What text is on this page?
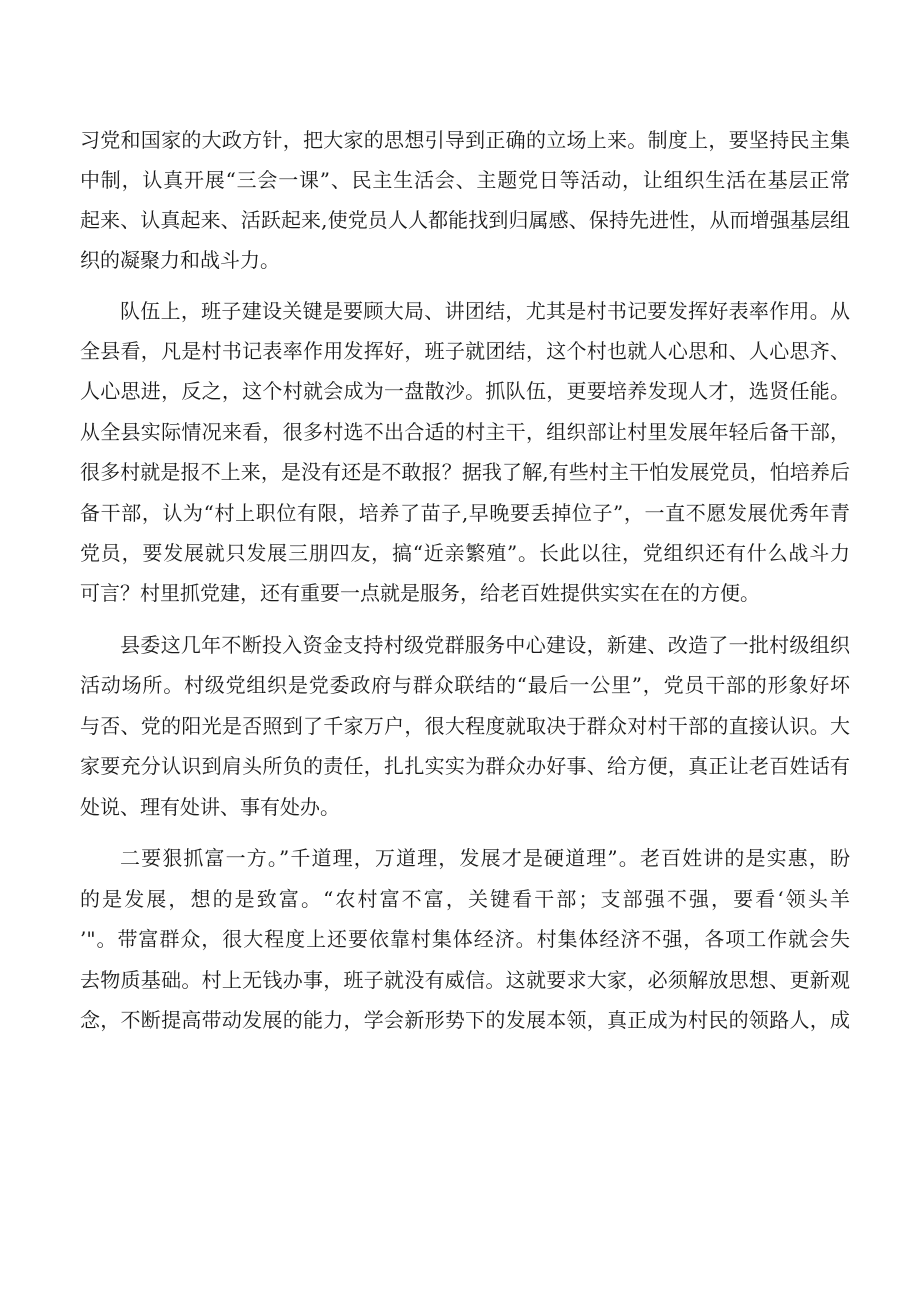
习党和国家的大政方针，把大家的思想引导到正确的立场上来。制度上，要坚持民主集
中制，认真开展“三会一课”、民主生活会、主题党日等活动，让组织生活在基层正常
起来、认真起来、活跃起来,使党员人人都能找到归属感、保持先进性，从而增强基层组
织的凝聚力和战斗力。
队伍上，班子建设关键是要顾大局、讲团结，尤其是村书记要发挥好表率作用。从
全县看，凡是村书记表率作用发挥好，班子就团结，这个村也就人心思和、人心思齐、
人心思进，反之，这个村就会成为一盘散沙。抓队伍，更要培养发现人才，选贤任能。
从全县实际情况来看，很多村选不出合适的村主干，组织部让村里发展年轻后备干部，
很多村就是报不上来，是没有还是不敢报？据我了解,有些村主干怕发展党员，怕培养后
备干部，认为“村上职位有限，培养了苗子,早晚要丢掉位子”，一直不愿发展优秀年青
党员，要发展就只发展三朋四友，搞“近亲繁殖”。长此以往，党组织还有什么战斗力
可言？村里抓党建，还有重要一点就是服务，给老百姓提供实实在在的方便。
县委这几年不断投入资金支持村级党群服务中心建设，新建、改造了一批村级组织
活动场所。村级党组织是党委政府与群众联结的“最后一公里”，党员干部的形象好坏
与否、党的阳光是否照到了千家万户，很大程度就取决于群众对村干部的直接认识。大
家要充分认识到肩头所负的责任，扎扎实实为群众办好事、给方便，真正让老百姓话有
处说、理有处讲、事有处办。
二要狠抓富一方。”千道理，万道理，发展才是硬道理”。老百姓讲的是实惠，盼
的是发展，想的是致富。“农村富不富，关键看干部；支部强不强，要看‘领头羊
’"。带富群众，很大程度上还要依靠村集体经济。村集体经济不强，各项工作就会失
去物质基础。村上无钱办事，班子就没有威信。这就要求大家，必须解放思想、更新观
念，不断提高带动发展的能力，学会新形势下的发展本领，真正成为村民的领路人，成
